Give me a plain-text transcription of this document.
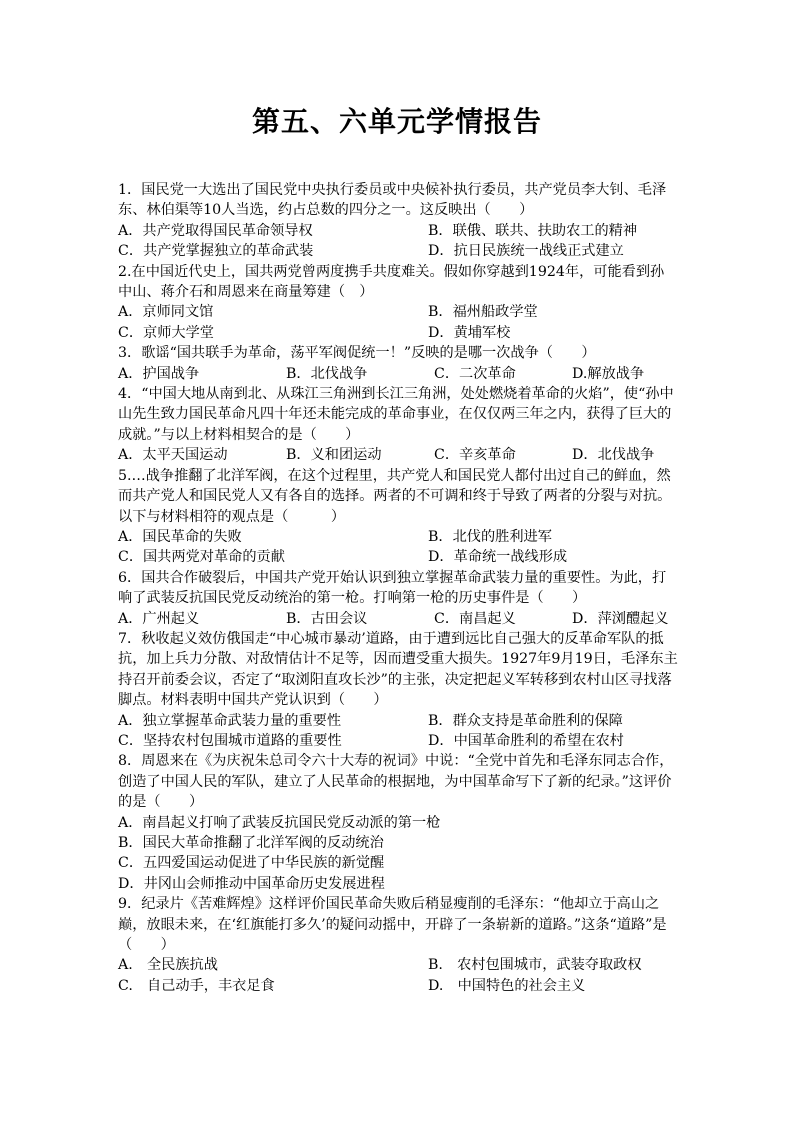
第五、六单元学情报告
1．国民党一大选出了国民党中央执行委员或中央候补执行委员，共产党员李大钊、毛泽东、林伯渠等10人当选，约占总数的四分之一。这反映出（　　）
A．共产党取得国民革命领导权	B．联俄、联共、扶助农工的精神
C．共产党掌握独立的革命武装	D．抗日民族统一战线正式建立
2.在中国近代史上，国共两党曾两度携手共度难关。假如你穿越到1924年，可能看到孙中山、蒋介石和周恩来在商量筹建（　）
A．京师同文馆	B．福州船政学堂
C．京师大学堂	D．黄埔军校
3．歌谣“国共联手为革命，荡平军阀促统一！”反映的是哪一次战争（　　）
A．护国战争	B．北伐战争	C．二次革命	D.解放战争
4．“中国大地从南到北、从珠江三角洲到长江三角洲，处处燃烧着革命的火焰”，使“孙中山先生致力国民革命凡四十年还未能完成的革命事业，在仅仅两三年之内，获得了巨大的成就。”与以上材料相契合的是（　　）
A．太平天国运动	B．义和团运动	C．辛亥革命	D．北伐战争
5.…战争推翻了北洋军阀，在这个过程里，共产党人和国民党人都付出过自己的鲜血，然而共产党人和国民党人又有各自的选择。两者的不可调和终于导致了两者的分裂与对抗。以下与材料相符的观点是（　　　）
A．国民革命的失败	B．北伐的胜利进军
C．国共两党对革命的贡献	D．革命统一战线形成
6．国共合作破裂后，中国共产党开始认识到独立掌握革命武装力量的重要性。为此，打响了武装反抗国民党反动统治的第一枪。打响第一枪的历史事件是（　　）
A．广州起义	B．古田会议	C．南昌起义	D．萍浏醴起义
7．秋收起义效仿俄国走“中心城市暴动’道路，由于遭到远比自己强大的反革命军队的抵抗，加上兵力分散、对敌情估计不足等，因而遭受重大损失。1927年9月19日，毛泽东主持召开前委会议，否定了“取浏阳直攻长沙”的主张，决定把起义军转移到农村山区寻找落脚点。材料表明中国共产党认识到（　　）
A．独立掌握革命武装力量的重要性	B．群众支持是革命胜利的保障
C．坚持农村包围城市道路的重要性	D．中国革命胜利的希望在农村
8．周恩来在《为庆祝朱总司令六十大寿的祝词》中说：“全党中首先和毛泽东同志合作，创造了中国人民的军队，建立了人民革命的根据地，为中国革命写下了新的纪录。”这评价的是（　　）
A．南昌起义打响了武装反抗国民党反动派的第一枪
B．国民大革命推翻了北洋军阀的反动统治
C．五四爱国运动促进了中华民族的新觉醒
D．井冈山会师推动中国革命历史发展进程
9．纪录片《苦难辉煌》这样评价国民革命失败后稍显瘦削的毛泽东：“他却立于高山之巅，放眼未来，在‘红旗能打多久’的疑问动摇中，开辟了一条崭新的道路。”这条“道路”是（　　）
A.　全民族抗战	B.　农村包围城市，武装夺取政权
C.　自己动手，丰衣足食	D.　中国特色的社会主义
